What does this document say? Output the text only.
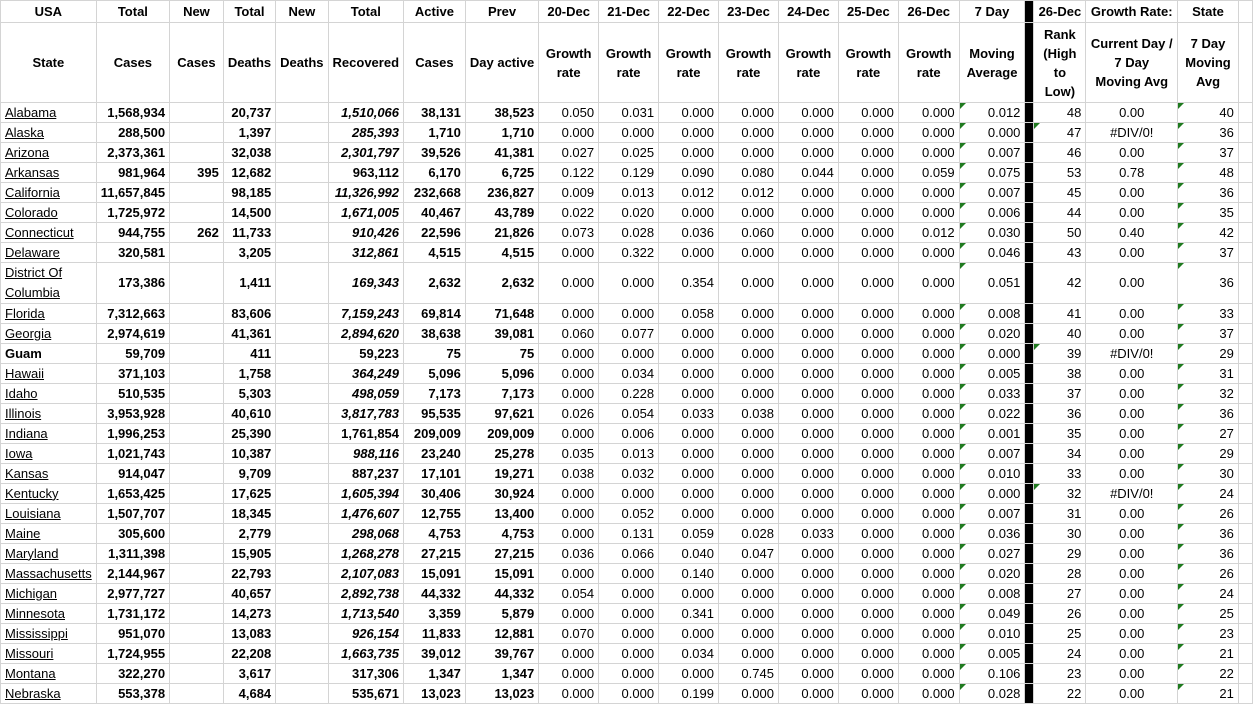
USA	Total	New	Total	New	Total	Active	Prev	20-Dec	21-Dec	22-Dec	23-Dec	24-Dec	25-Dec	26-Dec	7 Day		26-Dec	Growth Rate:	State	
State	Cases	Cases	Deaths	Deaths	Recovered	Cases	Day active	Growth rate	Growth rate	Growth rate	Growth rate	Growth rate	Growth rate	Growth rate	Moving Average		Rank (High to Low)	Current Day / 7 Day Moving Avg	7 Day Moving Avg	
Alabama	1,568,934		20,737		1,510,066	38,131	38,523	0.050	0.031	0.000	0.000	0.000	0.000	0.000	0.012		48	0.00	40	
Alaska	288,500		1,397		285,393	1,710	1,710	0.000	0.000	0.000	0.000	0.000	0.000	0.000	0.000		47	#DIV/0!	36	
Arizona	2,373,361		32,038		2,301,797	39,526	41,381	0.027	0.025	0.000	0.000	0.000	0.000	0.000	0.007		46	0.00	37	
Arkansas	981,964	395	12,682		963,112	6,170	6,725	0.122	0.129	0.090	0.080	0.044	0.000	0.059	0.075		53	0.78	48	
California	11,657,845		98,185		11,326,992	232,668	236,827	0.009	0.013	0.012	0.012	0.000	0.000	0.000	0.007		45	0.00	36	
Colorado	1,725,972		14,500		1,671,005	40,467	43,789	0.022	0.020	0.000	0.000	0.000	0.000	0.000	0.006		44	0.00	35	
Connecticut	944,755	262	11,733		910,426	22,596	21,826	0.073	0.028	0.036	0.060	0.000	0.000	0.012	0.030		50	0.40	42	
Delaware	320,581		3,205		312,861	4,515	4,515	0.000	0.322	0.000	0.000	0.000	0.000	0.000	0.046		43	0.00	37	
District Of Columbia	173,386		1,411		169,343	2,632	2,632	0.000	0.000	0.354	0.000	0.000	0.000	0.000	0.051		42	0.00	36	
Florida	7,312,663		83,606		7,159,243	69,814	71,648	0.000	0.000	0.058	0.000	0.000	0.000	0.000	0.008		41	0.00	33	
Georgia	2,974,619		41,361		2,894,620	38,638	39,081	0.060	0.077	0.000	0.000	0.000	0.000	0.000	0.020		40	0.00	37	
Guam	59,709		411		59,223	75	75	0.000	0.000	0.000	0.000	0.000	0.000	0.000	0.000		39	#DIV/0!	29	
Hawaii	371,103		1,758		364,249	5,096	5,096	0.000	0.034	0.000	0.000	0.000	0.000	0.000	0.005		38	0.00	31	
Idaho	510,535		5,303		498,059	7,173	7,173	0.000	0.228	0.000	0.000	0.000	0.000	0.000	0.033		37	0.00	32	
Illinois	3,953,928		40,610		3,817,783	95,535	97,621	0.026	0.054	0.033	0.038	0.000	0.000	0.000	0.022		36	0.00	36	
Indiana	1,996,253		25,390		1,761,854	209,009	209,009	0.000	0.006	0.000	0.000	0.000	0.000	0.000	0.001		35	0.00	27	
Iowa	1,021,743		10,387		988,116	23,240	25,278	0.035	0.013	0.000	0.000	0.000	0.000	0.000	0.007		34	0.00	29	
Kansas	914,047		9,709		887,237	17,101	19,271	0.038	0.032	0.000	0.000	0.000	0.000	0.000	0.010		33	0.00	30	
Kentucky	1,653,425		17,625		1,605,394	30,406	30,924	0.000	0.000	0.000	0.000	0.000	0.000	0.000	0.000		32	#DIV/0!	24	
Louisiana	1,507,707		18,345		1,476,607	12,755	13,400	0.000	0.052	0.000	0.000	0.000	0.000	0.000	0.007		31	0.00	26	
Maine	305,600		2,779		298,068	4,753	4,753	0.000	0.131	0.059	0.028	0.033	0.000	0.000	0.036		30	0.00	36	
Maryland	1,311,398		15,905		1,268,278	27,215	27,215	0.036	0.066	0.040	0.047	0.000	0.000	0.000	0.027		29	0.00	36	
Massachusetts	2,144,967		22,793		2,107,083	15,091	15,091	0.000	0.000	0.140	0.000	0.000	0.000	0.000	0.020		28	0.00	26	
Michigan	2,977,727		40,657		2,892,738	44,332	44,332	0.054	0.000	0.000	0.000	0.000	0.000	0.000	0.008		27	0.00	24	
Minnesota	1,731,172		14,273		1,713,540	3,359	5,879	0.000	0.000	0.341	0.000	0.000	0.000	0.000	0.049		26	0.00	25	
Mississippi	951,070		13,083		926,154	11,833	12,881	0.070	0.000	0.000	0.000	0.000	0.000	0.000	0.010		25	0.00	23	
Missouri	1,724,955		22,208		1,663,735	39,012	39,767	0.000	0.000	0.034	0.000	0.000	0.000	0.000	0.005		24	0.00	21	
Montana	322,270		3,617		317,306	1,347	1,347	0.000	0.000	0.000	0.745	0.000	0.000	0.000	0.106		23	0.00	22	
Nebraska	553,378		4,684		535,671	13,023	13,023	0.000	0.000	0.199	0.000	0.000	0.000	0.000	0.028		22	0.00	21	
